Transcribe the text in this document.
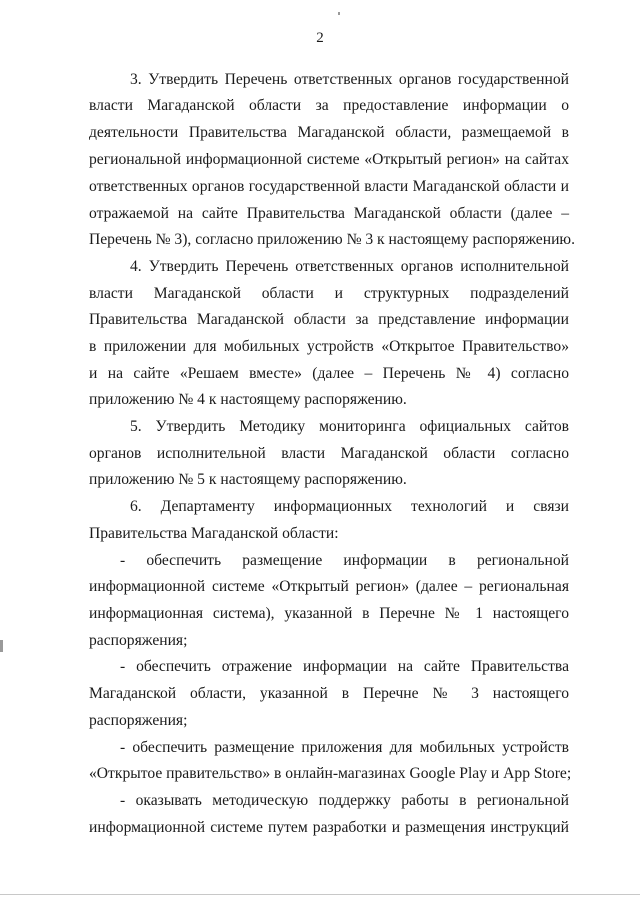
2
3. Утвердить Перечень ответственных органов государственной
власти Магаданской области за предоставление информации о
деятельности Правительства Магаданской области, размещаемой в
региональной информационной системе «Открытый регион» на сайтах
ответственных органов государственной власти Магаданской области и
отражаемой на сайте Правительства Магаданской области (далее –
Перечень № 3), согласно приложению № 3 к настоящему распоряжению.
4. Утвердить Перечень ответственных органов исполнительной
власти Магаданской области и структурных подразделений
Правительства Магаданской области за представление информации
в приложении для мобильных устройств «Открытое Правительство»
и на сайте «Решаем вместе» (далее – Перечень № 4) согласно
приложению № 4 к настоящему распоряжению.
5. Утвердить Методику мониторинга официальных сайтов
органов исполнительной власти Магаданской области согласно
приложению № 5 к настоящему распоряжению.
6. Департаменту информационных технологий и связи
Правительства Магаданской области:
- обеспечить размещение информации в региональной
информационной системе «Открытый регион» (далее – региональная
информационная система), указанной в Перечне № 1 настоящего
распоряжения;
- обеспечить отражение информации на сайте Правительства
Магаданской области, указанной в Перечне № 3 настоящего
распоряжения;
- обеспечить размещение приложения для мобильных устройств
«Открытое правительство» в онлайн-магазинах Google Play и App Store;
- оказывать методическую поддержку работы в региональной
информационной системе путем разработки и размещения инструкций
